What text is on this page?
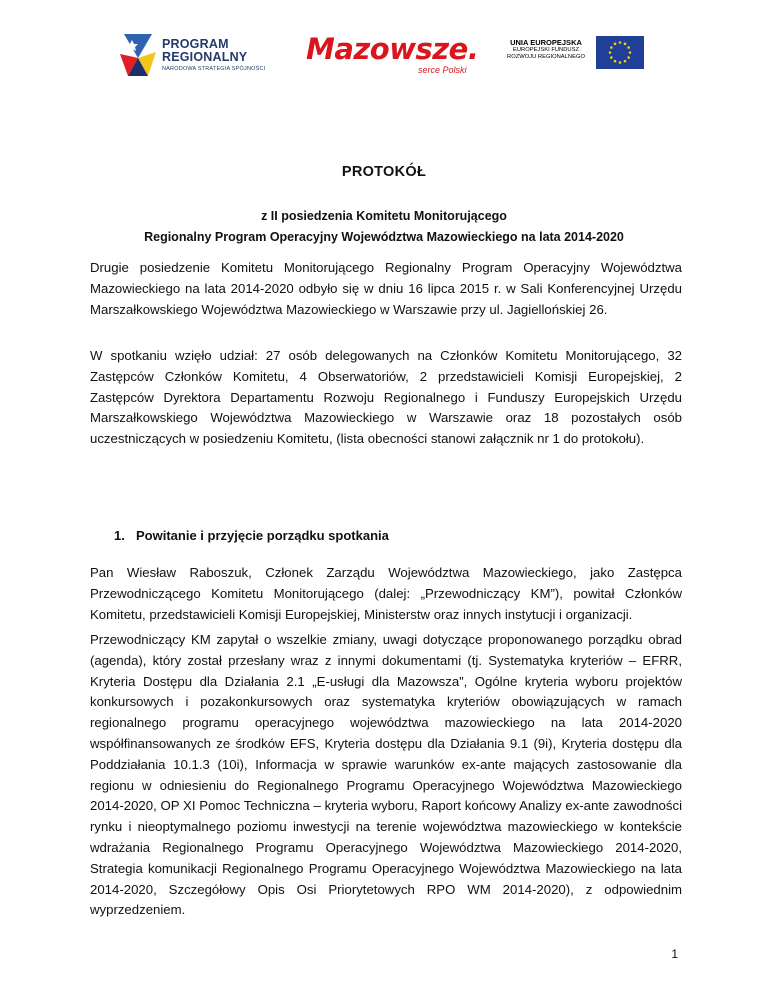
PROGRAM
REGIONALNY
NARODOWA STRATEGIA SPÓJNOŚCI
Mazowsze.
serce Polski
UNIA EUROPEJSKA
EUROPEJSKI FUNDUSZ
ROZWOJU REGIONALNEGO
PROTOKÓŁ
z II posiedzenia Komitetu Monitorującego
Regionalny Program Operacyjny Województwa Mazowieckiego na lata 2014-2020

Drugie posiedzenie Komitetu Monitorującego Regionalny Program Operacyjny Województwa Mazowieckiego na lata 2014-2020 odbyło się w dniu 16 lipca 2015 r. w Sali Konferencyjnej Urzędu Marszałkowskiego Województwa Mazowieckiego w Warszawie przy ul. Jagiellońskiej 26.

W spotkaniu wzięło udział: 27 osób delegowanych na Członków Komitetu Monitorującego, 32 Zastępców Członków Komitetu, 4 Obserwatoriów, 2 przedstawicieli Komisji Europejskiej, 2 Zastępców Dyrektora Departamentu Rozwoju Regionalnego i Funduszy Europejskich Urzędu Marszałkowskiego Województwa Mazowieckiego w Warszawie oraz 18 pozostałych osób uczestniczących w posiedzeniu Komitetu, (lista obecności stanowi załącznik nr 1 do protokołu).

1. Powitanie i przyjęcie porządku spotkania

Pan Wiesław Raboszuk, Członek Zarządu Województwa Mazowieckiego, jako Zastępca Przewodniczącego Komitetu Monitorującego (dalej: „Przewodniczący KM”), powitał Członków Komitetu, przedstawicieli Komisji Europejskiej, Ministerstw oraz innych instytucji i organizacji.

Przewodniczący KM zapytał o wszelkie zmiany, uwagi dotyczące proponowanego porządku obrad (agenda), który został przesłany wraz z innymi dokumentami (tj. Systematyka kryteriów – EFRR, Kryteria Dostępu dla Działania 2.1 „E-usługi dla Mazowsza”, Ogólne kryteria wyboru projektów konkursowych i pozakonkursowych oraz systematyka kryteriów obowiązujących w ramach regionalnego programu operacyjnego województwa mazowieckiego na lata 2014-2020 współfinansowanych ze środków EFS, Kryteria dostępu dla Działania 9.1 (9i), Kryteria dostępu dla Poddziałania 10.1.3 (10i), Informacja w sprawie warunków ex-ante mających zastosowanie dla regionu w odniesieniu do Regionalnego Programu Operacyjnego Województwa Mazowieckiego 2014-2020, OP XI Pomoc Techniczna – kryteria wyboru, Raport końcowy Analizy ex-ante zawodności rynku i nieoptymalnego poziomu inwestycji na terenie województwa mazowieckiego w kontekście wdrażania Regionalnego Programu Operacyjnego Województwa Mazowieckiego 2014-2020, Strategia komunikacji Regionalnego Programu Operacyjnego Województwa Mazowieckiego na lata 2014-2020, Szczegółowy Opis Osi Priorytetowych RPO WM 2014-2020), z odpowiednim wyprzedzeniem.

1
